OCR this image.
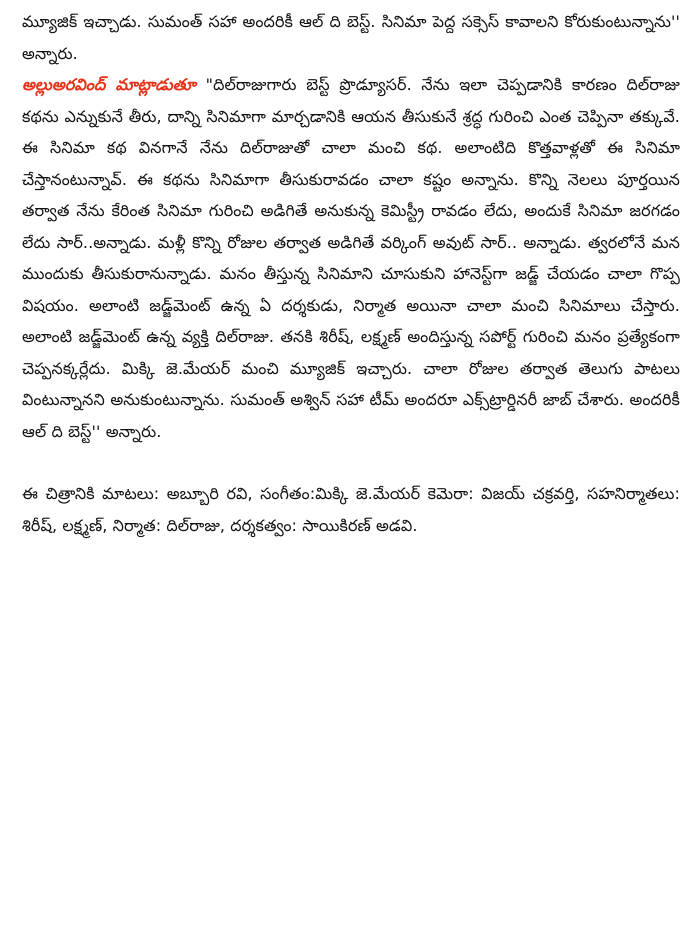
మ్యూజిక్ ఇచ్చాడు. సుమంత్ సహా అందరికీ ఆల్ ది బెస్ట్. సినిమా పెద్ద సక్సెస్ కావాలని కోరుకుంటున్నాను'' అన్నారు.

అల్లుఅరవింద్ మాట్లాడుతూ "దిల్‌రాజుగారు బెస్ట్ ప్రొడ్యూసర్. నేను ఇలా చెప్పడానికి కారణం దిల్‌రాజు కథను ఎన్నుకునే తీరు, దాన్ని సినిమాగా మార్చడానికి ఆయన తీసుకునే శ్రద్ధ గురించి ఎంత చెప్పినా తక్కువే. ఈ సినిమా కథ వినగానే నేను దిల్‌రాజుతో చాలా మంచి కథ. అలాంటిది కొత్తవాళ్లతో ఈ సినిమా చేస్తానంటున్నావ్. ఈ కథను సినిమాగా తీసుకురావడం చాలా కష్టం అన్నాను. కొన్ని నెలలు పూర్తయిన తర్వాత నేను కేరింత సినిమా గురించి అడిగితే అనుకున్న కెమిస్ట్రీ రావడం లేదు, అందుకే సినిమా జరగడం లేదు సార్..అన్నాడు. మళ్లీ కొన్ని రోజుల తర్వాత అడిగితే వర్కింగ్ అవుట్ సార్.. అన్నాడు. త్వరలోనే మన ముందుకు తీసుకురానున్నాడు. మనం తీస్తున్న సినిమాని చూసుకుని హానెస్ట్‌గా జడ్జ్ చేయడం చాలా గొప్ప విషయం. అలాంటి జడ్జ్‌మెంట్ ఉన్న ఏ దర్శకుడు, నిర్మాత అయినా చాలా మంచి సినిమాలు చేస్తారు. అలాంటి జడ్జ్‌మెంట్ ఉన్న వ్యక్తి దిల్‌రాజు. తనకి శిరీష్, లక్ష్మణ్ అందిస్తున్న సపోర్ట్ గురించి మనం ప్రత్యేకంగా చెప్పనక్కర్లేదు. మిక్కి జె.మేయర్ మంచి మ్యూజిక్ ఇచ్చారు. చాలా రోజుల తర్వాత తెలుగు పాటలు వింటున్నానని అనుకుంటున్నాను. సుమంత్ అశ్విన్ సహా టీమ్ అందరూ ఎక్స్‌ట్రార్డినరీ జాబ్ చేశారు. అందరికీ ఆల్ ది బెస్ట్'' అన్నారు.

ఈ చిత్రానికి మాటలు: అబ్బూరి రవి, సంగీతం:మిక్కి జె.మేయర్ కెమెరా: విజయ్ చక్రవర్తి, సహనిర్మాతలు: శిరీష్, లక్ష్మణ్, నిర్మాత: దిల్‌రాజు, దర్శకత్వం: సాయికిరణ్ అడవి.
